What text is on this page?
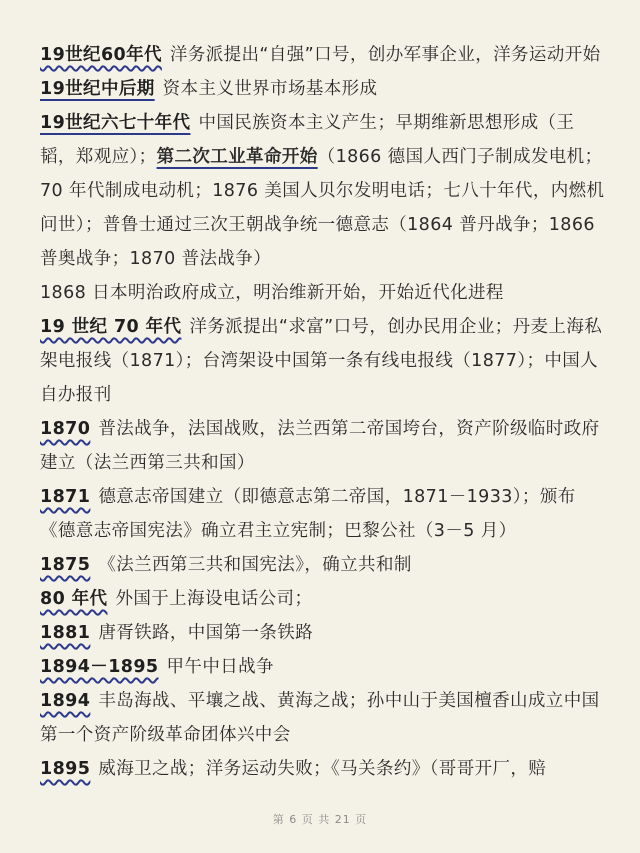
19世纪60年代 洋务派提出“自强”口号，创办军事企业，洋务运动开始
19世纪中后期 资本主义世界市场基本形成
19世纪六七十年代 中国民族资本主义产生；早期维新思想形成（王韬，郑观应）；第二次工业革命开始（1866 德国人西门子制成发电机；70 年代制成电动机；1876 美国人贝尔发明电话；七八十年代，内燃机问世）；普鲁士通过三次王朝战争统一德意志（1864 普丹战争；1866 普奥战争；1870 普法战争）
1868 日本明治政府成立，明治维新开始，开始近代化进程
19 世纪 70 年代 洋务派提出“求富”口号，创办民用企业；丹麦上海私架电报线（1871）；台湾架设中国第一条有线电报线（1877）；中国人自办报刊
1870 普法战争，法国战败，法兰西第二帝国垮台，资产阶级临时政府建立（法兰西第三共和国）
1871 德意志帝国建立（即德意志第二帝国，1871－1933）；颁布《德意志帝国宪法》确立君主立宪制；巴黎公社（3－5 月）
1875 《法兰西第三共和国宪法》，确立共和制
80 年代 外国于上海设电话公司；
1881 唐胥铁路，中国第一条铁路
1894－1895 甲午中日战争
1894 丰岛海战、平壤之战、黄海之战；孙中山于美国檀香山成立中国第一个资产阶级革命团体兴中会
1895 威海卫之战；洋务运动失败；《马关条约》（哥哥开厂，赔
第 6 页 共 21 页
